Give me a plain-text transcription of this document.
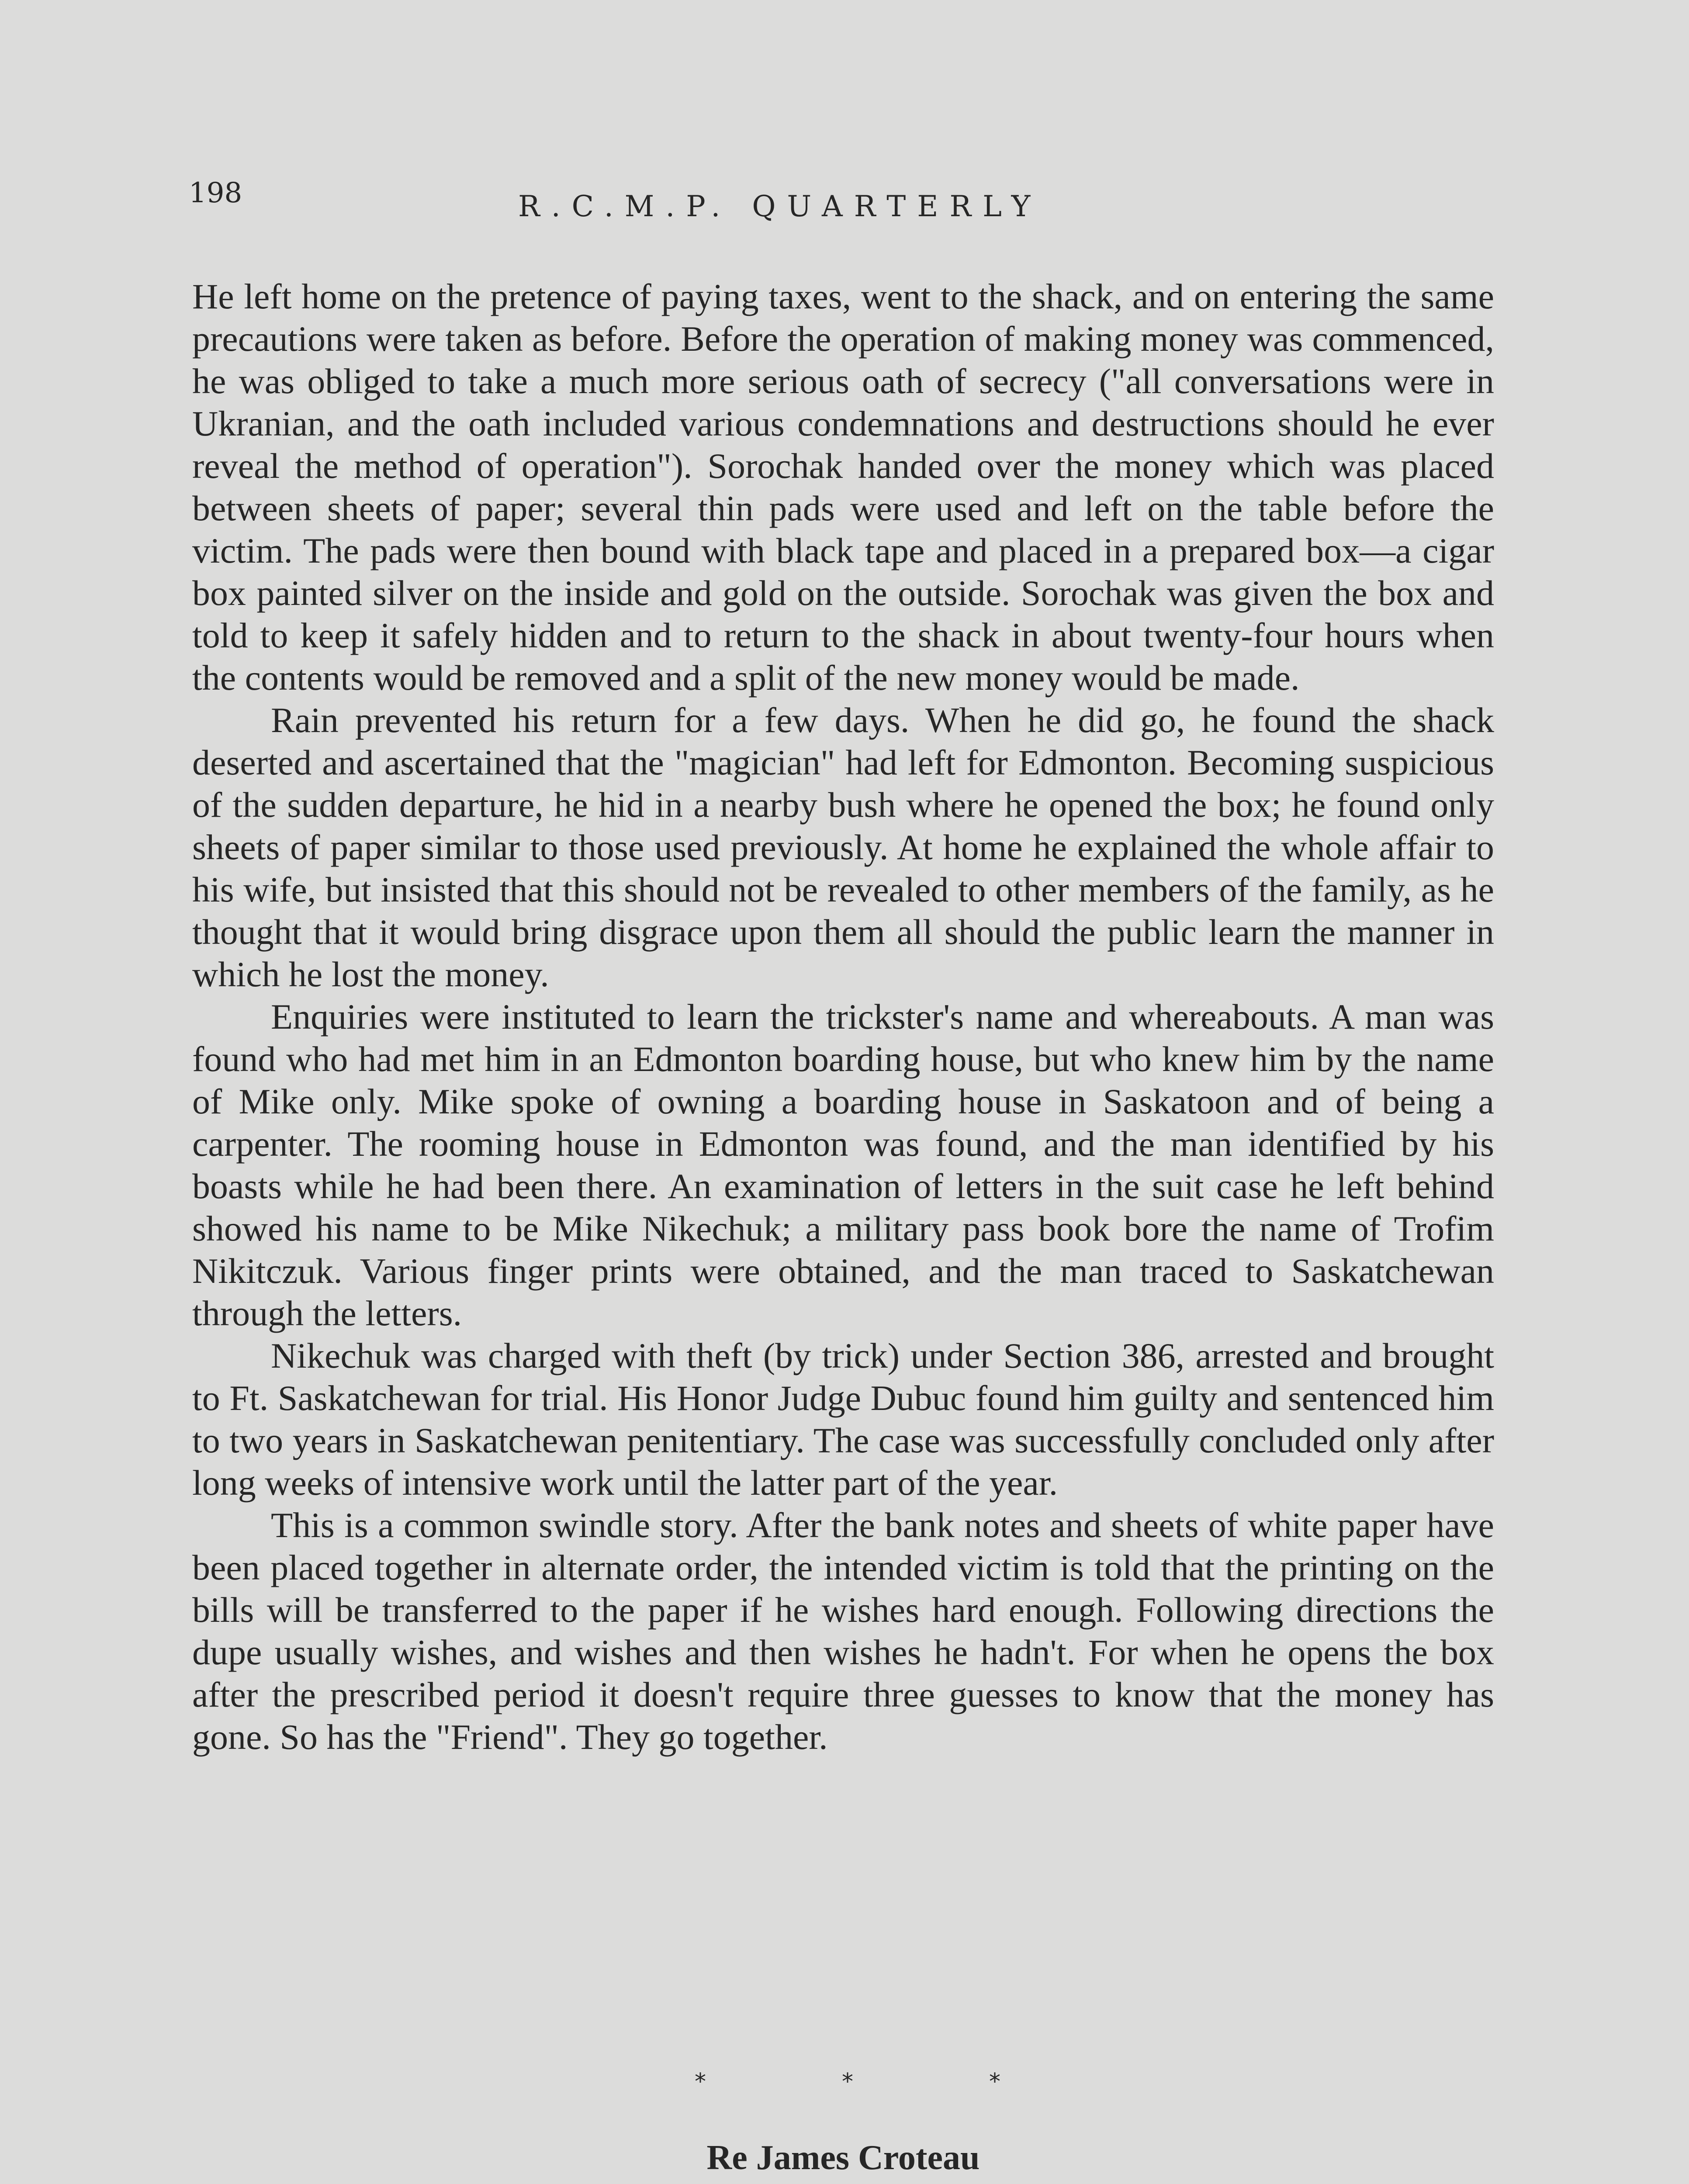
198	R.C.M.P. QUARTERLY

He left home on the pretence of paying taxes, went to the shack, and on entering the same precautions were taken as before. Before the operation of making money was commenced, he was obliged to take a much more serious oath of secrecy ("all conversations were in Ukranian, and the oath included various condemnations and destructions should he ever reveal the method of operation"). Sorochak handed over the money which was placed between sheets of paper; several thin pads were used and left on the table before the victim. The pads were then bound with black tape and placed in a prepared box—a cigar box painted silver on the inside and gold on the outside. Sorochak was given the box and told to keep it safely hidden and to return to the shack in about twenty-four hours when the contents would be removed and a split of the new money would be made.

Rain prevented his return for a few days. When he did go, he found the shack deserted and ascertained that the "magician" had left for Edmonton. Becoming suspicious of the sudden departure, he hid in a nearby bush where he opened the box; he found only sheets of paper similar to those used previously. At home he explained the whole affair to his wife, but insisted that this should not be revealed to other members of the family, as he thought that it would bring disgrace upon them all should the public learn the manner in which he lost the money.

Enquiries were instituted to learn the trickster's name and whereabouts. A man was found who had met him in an Edmonton boarding house, but who knew him by the name of Mike only. Mike spoke of owning a boarding house in Saskatoon and of being a carpenter. The rooming house in Edmonton was found, and the man identified by his boasts while he had been there. An examination of letters in the suit case he left behind showed his name to be Mike Nikechuk; a military pass book bore the name of Trofim Nikitczuk. Various finger prints were obtained, and the man traced to Saskatchewan through the letters.

Nikechuk was charged with theft (by trick) under Section 386, arrested and brought to Ft. Saskatchewan for trial. His Honor Judge Dubuc found him guilty and sentenced him to two years in Saskatchewan penitentiary. The case was successfully concluded only after long weeks of intensive work until the latter part of the year.

This is a common swindle story. After the bank notes and sheets of white paper have been placed together in alternate order, the intended victim is told that the printing on the bills will be transferred to the paper if he wishes hard enough. Following directions the dupe usually wishes, and wishes and then wishes he hadn't. For when he opens the box after the prescribed period it doesn't require three guesses to know that the money has gone. So has the "Friend". They go together.

*	*	*
Re James Croteau
